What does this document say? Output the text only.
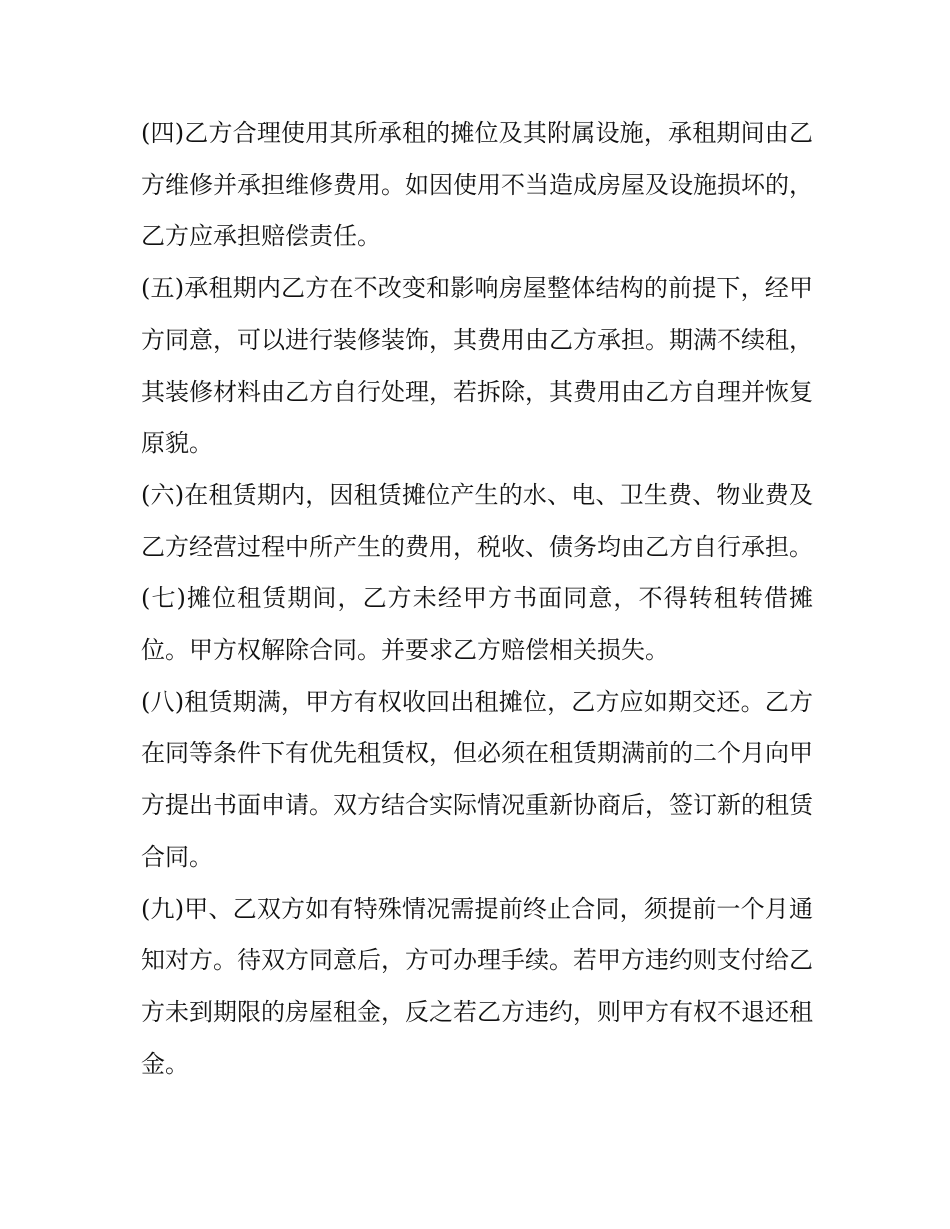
(四)乙方合理使用其所承租的摊位及其附属设施，承租期间由乙方维修并承担维修费用。如因使用不当造成房屋及设施损坏的，乙方应承担赔偿责任。

(五)承租期内乙方在不改变和影响房屋整体结构的前提下，经甲方同意，可以进行装修装饰，其费用由乙方承担。期满不续租，其装修材料由乙方自行处理，若拆除，其费用由乙方自理并恢复原貌。

(六)在租赁期内，因租赁摊位产生的水、电、卫生费、物业费及乙方经营过程中所产生的费用，税收、债务均由乙方自行承担。

(七)摊位租赁期间，乙方未经甲方书面同意，不得转租转借摊位。甲方权解除合同。并要求乙方赔偿相关损失。

(八)租赁期满，甲方有权收回出租摊位，乙方应如期交还。乙方在同等条件下有优先租赁权，但必须在租赁期满前的二个月向甲方提出书面申请。双方结合实际情况重新协商后，签订新的租赁合同。

(九)甲、乙双方如有特殊情况需提前终止合同，须提前一个月通知对方。待双方同意后，方可办理手续。若甲方违约则支付给乙方未到期限的房屋租金，反之若乙方违约，则甲方有权不退还租金。
